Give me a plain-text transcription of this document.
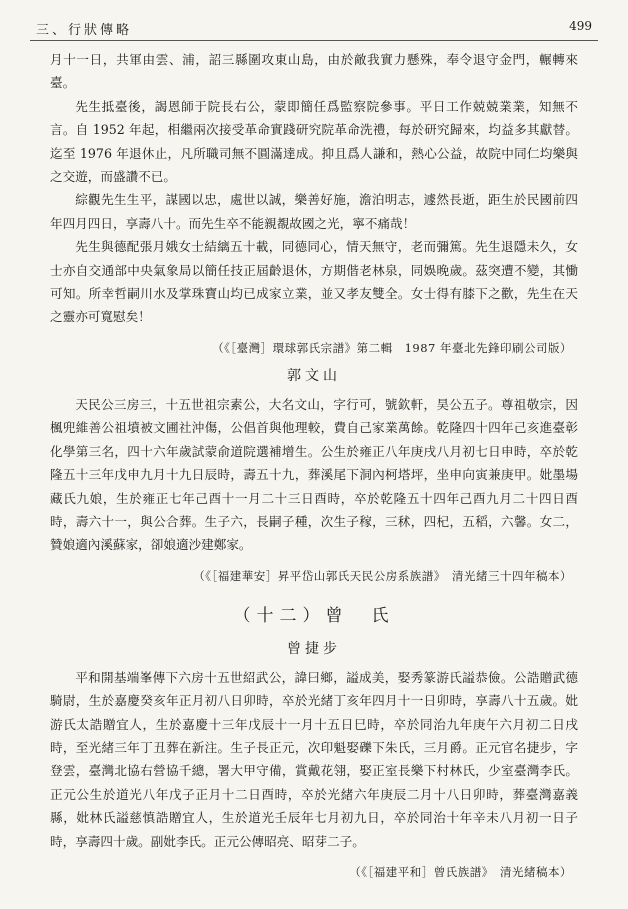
三、行狀傳略	499

月十一日，共軍由雲、浦，詔三縣圍攻東山島，由於敵我實力懸殊，奉令退守金門，輾轉來臺。

先生抵臺後，謁恩師于院長右公，蒙即簡任爲監察院參事。平日工作兢兢業業，知無不言。自 1952 年起，相繼兩次接受革命實踐研究院革命洗禮，每於研究歸來，均益多其獻替。迄至 1976 年退休止，凡所職司無不圓滿達成。抑且爲人謙和，熱心公益，故院中同仁均樂與之交遊，而盛讚不已。

綜觀先生生平，謀國以忠，處世以誠，樂善好施，澹泊明志，遽然長逝，距生於民國前四年四月四日，享壽八十。而先生卒不能親覩故國之光，寧不痛哉！

先生與德配張月娥女士結縭五十載，同德同心，情天無守，老而彌篤。先生退隱未久，女士亦自交通部中央氣象局以簡任技正屆齡退休，方期偕老林泉，同娛晚歲。茲突遭不變，其慟可知。所幸哲嗣川水及掌珠寶山均已成家立業，並又孝友雙全。女士得有膝下之歡，先生在天之靈亦可寬慰矣！

（《［臺灣］環球郭氏宗譜》第二輯　1987 年臺北先鋒印刷公司版）
郭文山

天民公三房三，十五世祖宗素公，大名文山，字行可，號欽軒，昊公五子。尊祖敬宗，因楓兜維善公祖墳被文圃社沖傷，公倡首與他理較，費自己家業萬餘。乾隆四十四年己亥進臺彰化學第三名，四十六年歲試蒙俞道院選補增生。公生於雍正八年庚戌八月初七日申時，卒於乾隆五十三年戊申九月十九日辰時，壽五十九，葬溪尾下洞內柯塔坪，坐申向寅兼庚甲。妣墨場藏氏九娘，生於雍正七年己酉十一月二十三日酉時，卒於乾隆五十四年己酉九月二十四日酉時，壽六十一，與公合葬。生子六，長嗣子種，次生子稼，三秫，四杞，五稻，六馨。女二，贊娘適內溪蘇家，卻娘適沙建鄭家。

（《［福建華安］昇平岱山郭氏天民公房系族譜》　清光緒三十四年稿本）
（十二）曾　氏
曾捷步

平和開基端峯傳下六房十五世紹武公，諱曰鄉，謚成美，娶秀篆游氏謚恭儉。公誥贈武德騎尉，生於嘉慶癸亥年正月初八日卯時，卒於光緒丁亥年四月十一日卯時，享壽八十五歲。妣游氏太誥贈宜人，生於嘉慶十三年戊辰十一月十五日巳時，卒於同治九年庚午六月初二日戌時，至光緒三年丁丑葬在新注。生子長正元，次印魁娶礫下朱氏，三月爵。正元官名捷步，字登雲，臺灣北協右營協千總，署大甲守備，賞戴花翎，娶正室長樂下村林氏，少室臺灣李氏。正元公生於道光八年戊子正月十二日酉時，卒於光緒六年庚辰二月十八日卯時，葬臺灣嘉義縣，妣林氏謚慈慎誥贈宜人，生於道光壬辰年七月初九日，卒於同治十年辛未八月初一日子時，享壽四十歲。副妣李氏。正元公傳昭亮、昭芽二子。

（《［福建平和］曾氏族譜》　清光緒稿本）
